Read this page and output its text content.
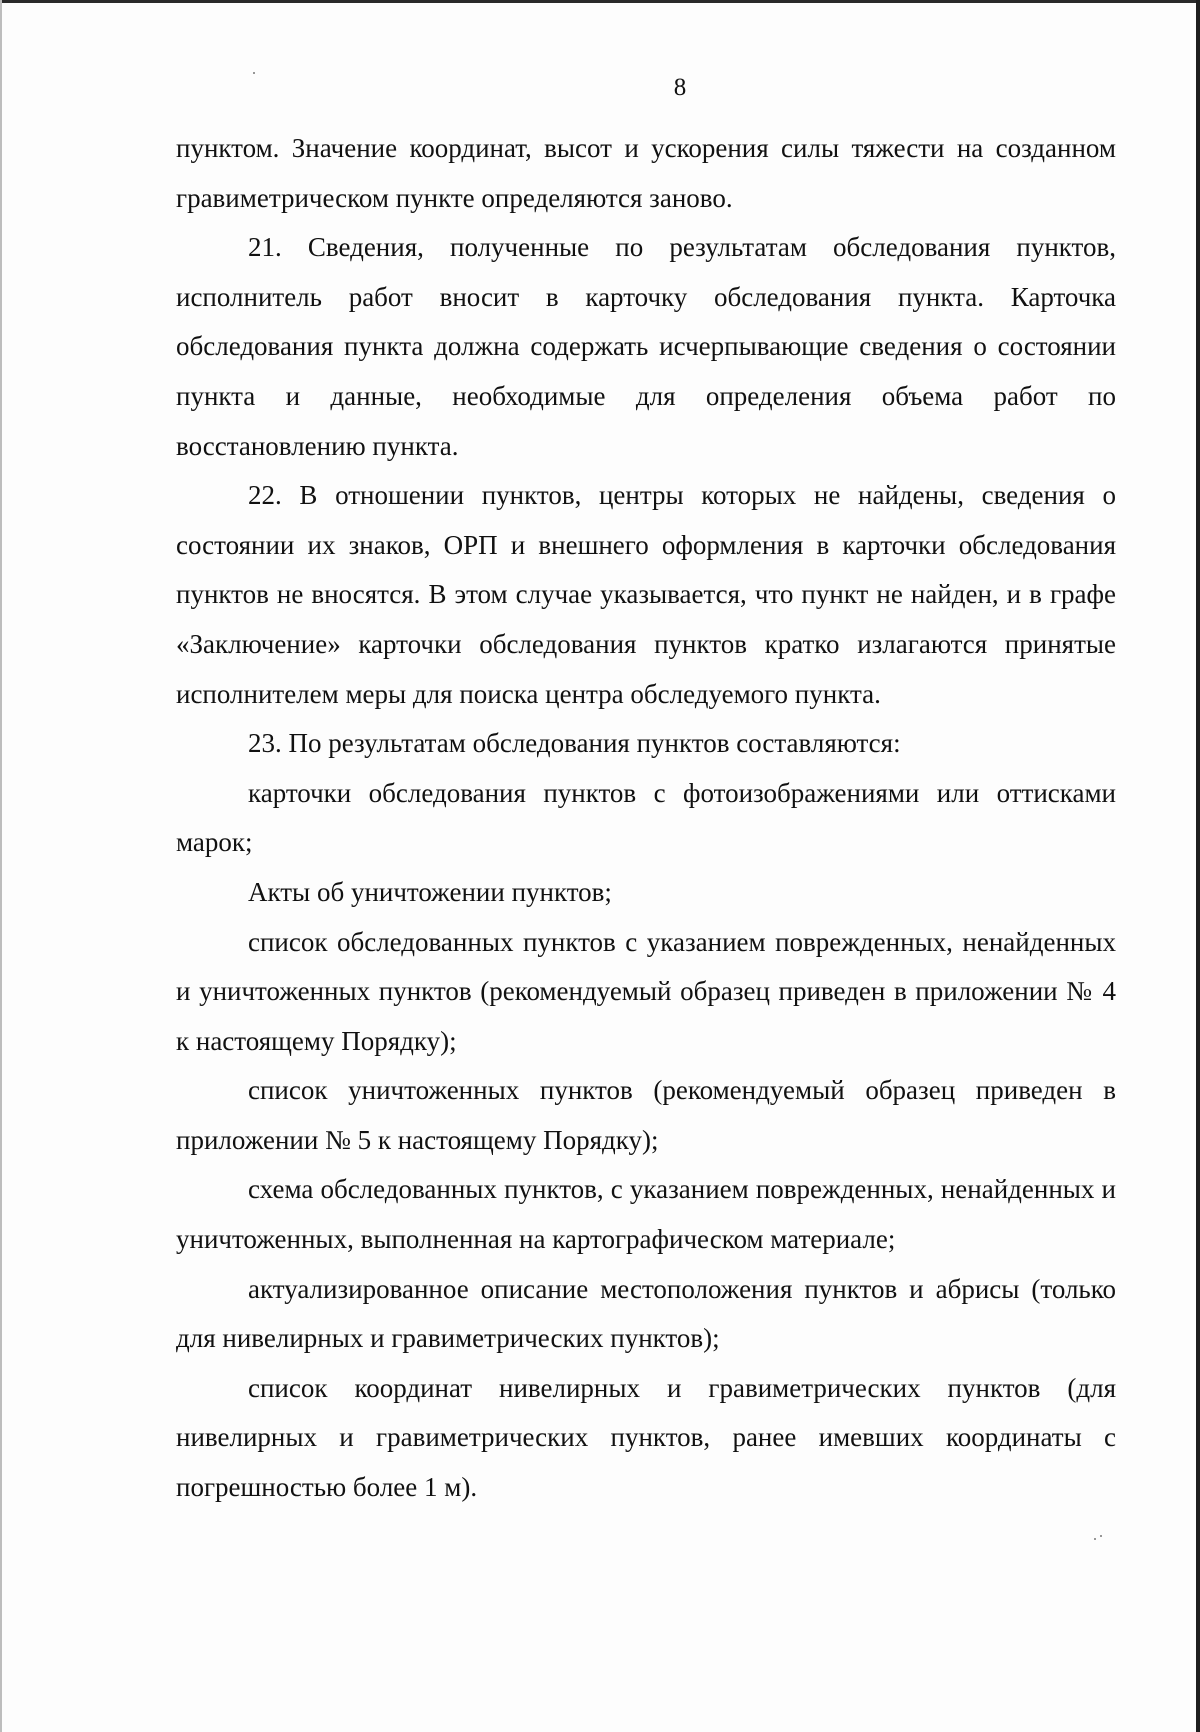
8

пунктом. Значение координат, высот и ускорения силы тяжести на созданном гравиметрическом пункте определяются заново.

21. Сведения, полученные по результатам обследования пунктов, исполнитель работ вносит в карточку обследования пункта. Карточка обследования пункта должна содержать исчерпывающие сведения о состоянии пункта и данные, необходимые для определения объема работ по восстановлению пункта.

22. В отношении пунктов, центры которых не найдены, сведения о состоянии их знаков, ОРП и внешнего оформления в карточки обследования пунктов не вносятся. В этом случае указывается, что пункт не найден, и в графе «Заключение» карточки обследования пунктов кратко излагаются принятые исполнителем меры для поиска центра обследуемого пункта.

23. По результатам обследования пунктов составляются:

карточки обследования пунктов с фотоизображениями или оттисками марок;

Акты об уничтожении пунктов;

список обследованных пунктов с указанием поврежденных, ненайденных и уничтоженных пунктов (рекомендуемый образец приведен в приложении № 4 к настоящему Порядку);

список уничтоженных пунктов (рекомендуемый образец приведен в приложении № 5 к настоящему Порядку);

схема обследованных пунктов, с указанием поврежденных, ненайденных и уничтоженных, выполненная на картографическом материале;

актуализированное описание местоположения пунктов и абрисы (только для нивелирных и гравиметрических пунктов);

список координат нивелирных и гравиметрических пунктов (для нивелирных и гравиметрических пунктов, ранее имевших координаты с погрешностью более 1 м).
